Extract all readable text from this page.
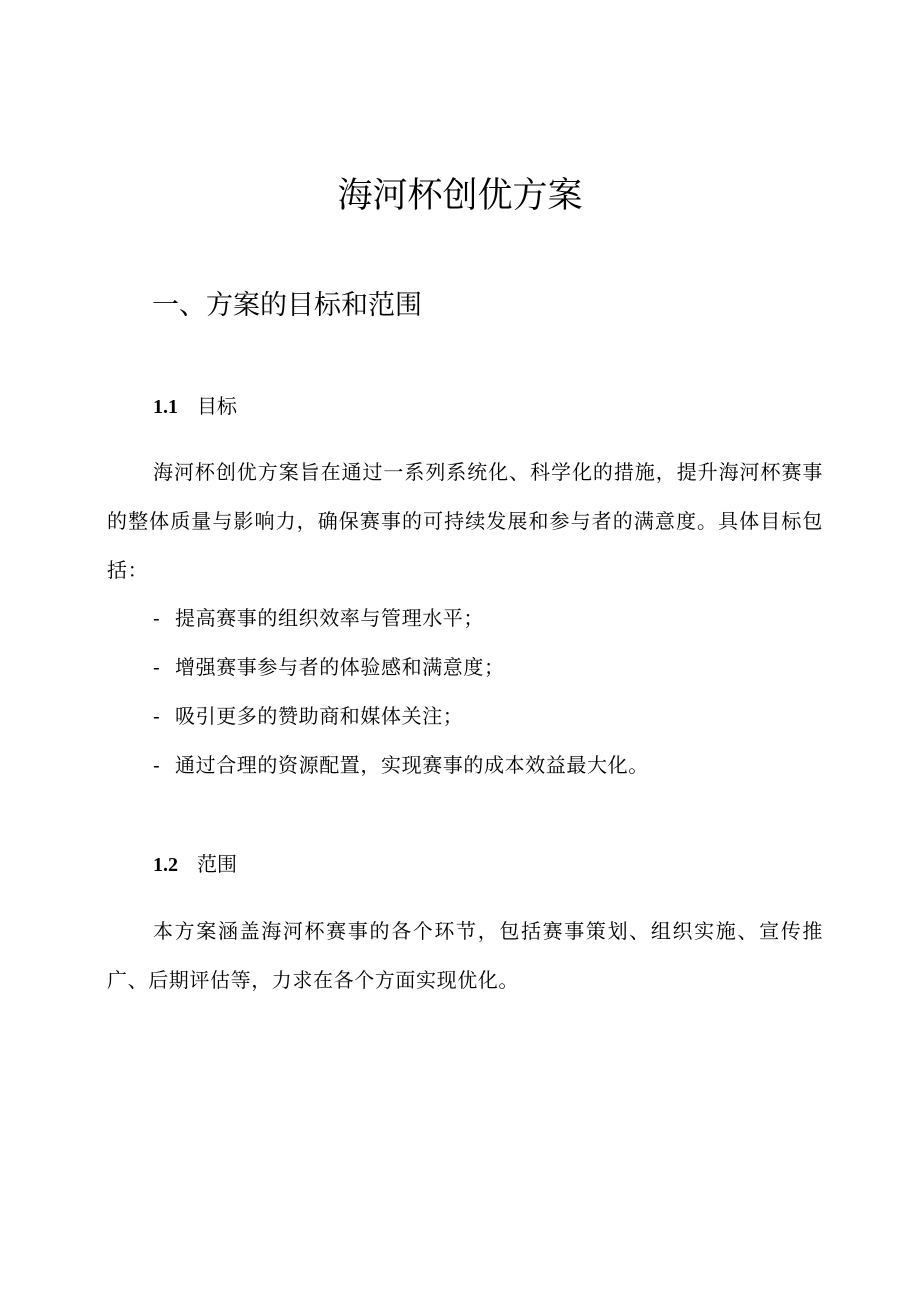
海河杯创优方案
一、方案的目标和范围
1.1 目标

海河杯创优方案旨在通过一系列系统化、科学化的措施，提升海河杯赛事的整体质量与影响力，确保赛事的可持续发展和参与者的满意度。具体目标包括：

- 提高赛事的组织效率与管理水平；
- 增强赛事参与者的体验感和满意度；
- 吸引更多的赞助商和媒体关注；
- 通过合理的资源配置，实现赛事的成本效益最大化。
1.2 范围

本方案涵盖海河杯赛事的各个环节，包括赛事策划、组织实施、宣传推广、后期评估等，力求在各个方面实现优化。
